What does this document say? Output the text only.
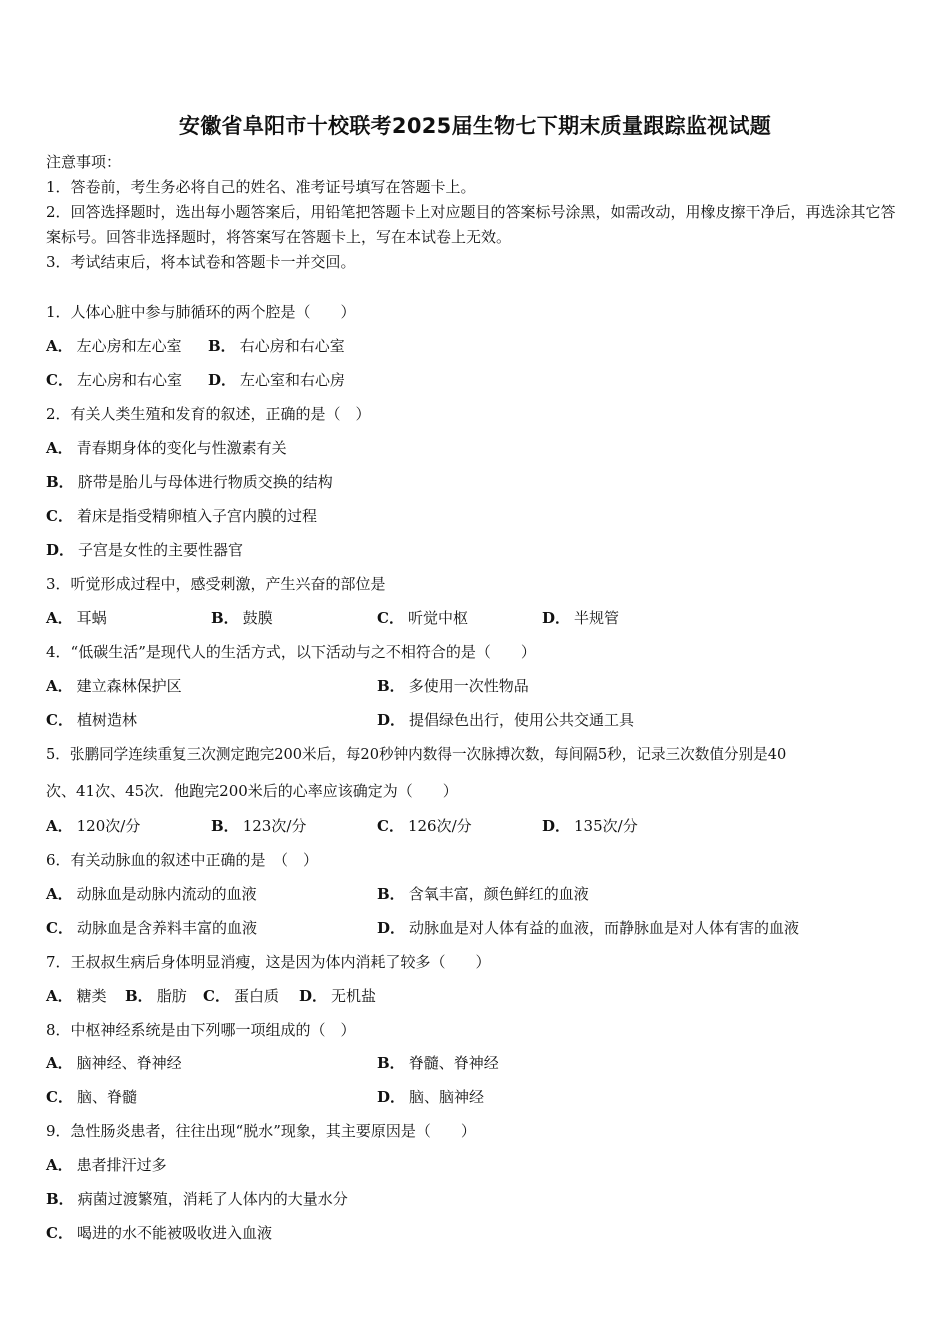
安徽省阜阳市十校联考2025届生物七下期末质量跟踪监视试题
注意事项：
1．答卷前，考生务必将自己的姓名、准考证号填写在答题卡上。
2．回答选择题时，选出每小题答案后，用铅笔把答题卡上对应题目的答案标号涂黑，如需改动，用橡皮擦干净后，再选涂其它答案标号。回答非选择题时，将答案写在答题卡上，写在本试卷上无效。
3．考试结束后，将本试卷和答题卡一并交回。
1．人体心脏中参与肺循环的两个腔是（　　）
A． 左心房和左心室 B． 右心房和右心室
C． 左心房和右心室 D． 左心室和右心房
2．有关人类生殖和发育的叙述，正确的是（　）
A． 青春期身体的变化与性激素有关
B． 脐带是胎儿与母体进行物质交换的结构
C． 着床是指受精卵植入子宫内膜的过程
D． 子宫是女性的主要性器官
3．听觉形成过程中，感受刺激，产生兴奋的部位是
A． 耳蜗	B． 鼓膜	C． 听觉中枢	D． 半规管
4．“低碳生活”是现代人的生活方式，以下活动与之不相符合的是（　　）
A． 建立森林保护区	B． 多使用一次性物品
C． 植树造林	D． 提倡绿色出行，使用公共交通工具
5．张鹏同学连续重复三次测定跑完200米后，每20秒钟内数得一次脉搏次数，每间隔5秒，记录三次数值分别是40
次、41次、45次．他跑完200米后的心率应该确定为（　　）
A． 120次/分	B． 123次/分	C． 126次/分	D． 135次/分
6．有关动脉血的叙述中正确的是　（　）
A． 动脉血是动脉内流动的血液	B． 含氧丰富，颜色鲜红的血液
C． 动脉血是含养料丰富的血液	D． 动脉血是对人体有益的血液，而静脉血是对人体有害的血液
7．王叔叔生病后身体明显消瘦，这是因为体内消耗了较多（　　）
A． 糖类 B． 脂肪 C． 蛋白质 D． 无机盐
8．中枢神经系统是由下列哪一项组成的（　）
A． 脑神经、脊神经	B． 脊髓、脊神经
C． 脑、脊髓	D． 脑、脑神经
9．急性肠炎患者，往往出现“脱水”现象，其主要原因是（　　）
A． 患者排汗过多
B． 病菌过渡繁殖，消耗了人体内的大量水分
C． 喝进的水不能被吸收进入血液
